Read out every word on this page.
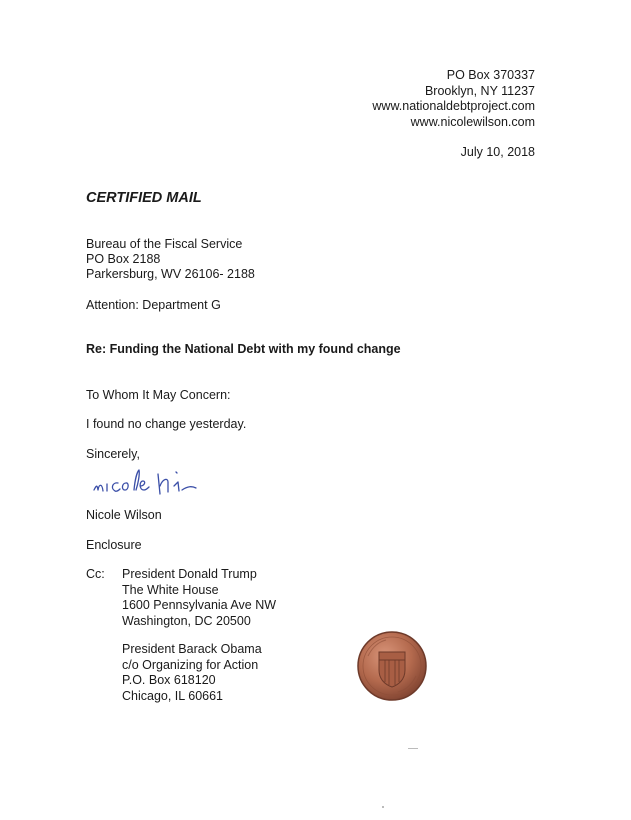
PO Box 370337
Brooklyn, NY 11237
www.nationaldebtproject.com
www.nicolewilson.com
July 10, 2018
CERTIFIED MAIL
Bureau of the Fiscal Service
PO Box 2188
Parkersburg, WV 26106- 2188
Attention: Department G
Re: Funding the National Debt with my found change
To Whom It May Concern:
I found no change yesterday.
Sincerely,
Nicole Wilson
Enclosure
Cc: President Donald Trump
The White House
1600 Pennsylvania Ave NW
Washington, DC 20500
President Barack Obama
c/o Organizing for Action
P.O. Box 618120
Chicago, IL 60661
